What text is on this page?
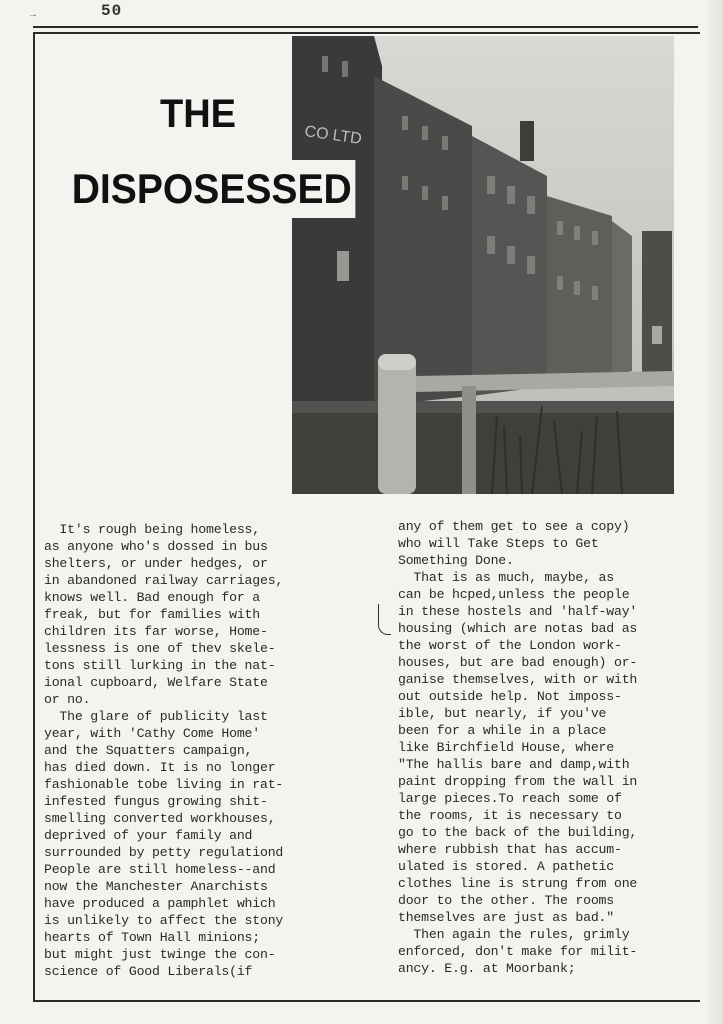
→	50
CO LTD
THE
DISPOSESSED
It's rough being homeless,
as anyone who's dossed in bus
shelters, or under hedges, or
in abandoned railway carriages,
knows well. Bad enough for a
freak, but for families with
children its far worse, Home-
lessness is one of thev skele-
tons still lurking in the nat-
ional cupboard, Welfare State
or no.
The glare of publicity last
year, with 'Cathy Come Home'
and the Squatters campaign,
has died down. It is no longer
fashionable tobe living in rat-
infested fungus growing shit-
smelling converted workhouses,
deprived of your family and
surrounded by petty regulationd
People are still homeless--and
now the Manchester Anarchists
have produced a pamphlet which
is unlikely to affect the stony
hearts of Town Hall minions;
but might just twinge the con-
science of Good Liberals(if
any of them get to see a copy)
who will Take Steps to Get
Something Done.
That is as much, maybe, as
can be hcped,unless the people
in these hostels and 'half-way'
housing (which are notas bad as
the worst of the London work-
houses, but are bad enough) or-
ganise themselves, with or with
out outside help. Not imposs-
ible, but nearly, if you've
been for a while in a place
like Birchfield House, where
"The hallis bare and damp,with
paint dropping from the wall in
large pieces.To reach some of
the rooms, it is necessary to
go to the back of the building,
where rubbish that has accum-
ulated is stored. A pathetic
clothes line is strung from one
door to the other. The rooms
themselves are just as bad."
Then again the rules, grimly
enforced, don't make for milit-
ancy. E.g. at Moorbank;
